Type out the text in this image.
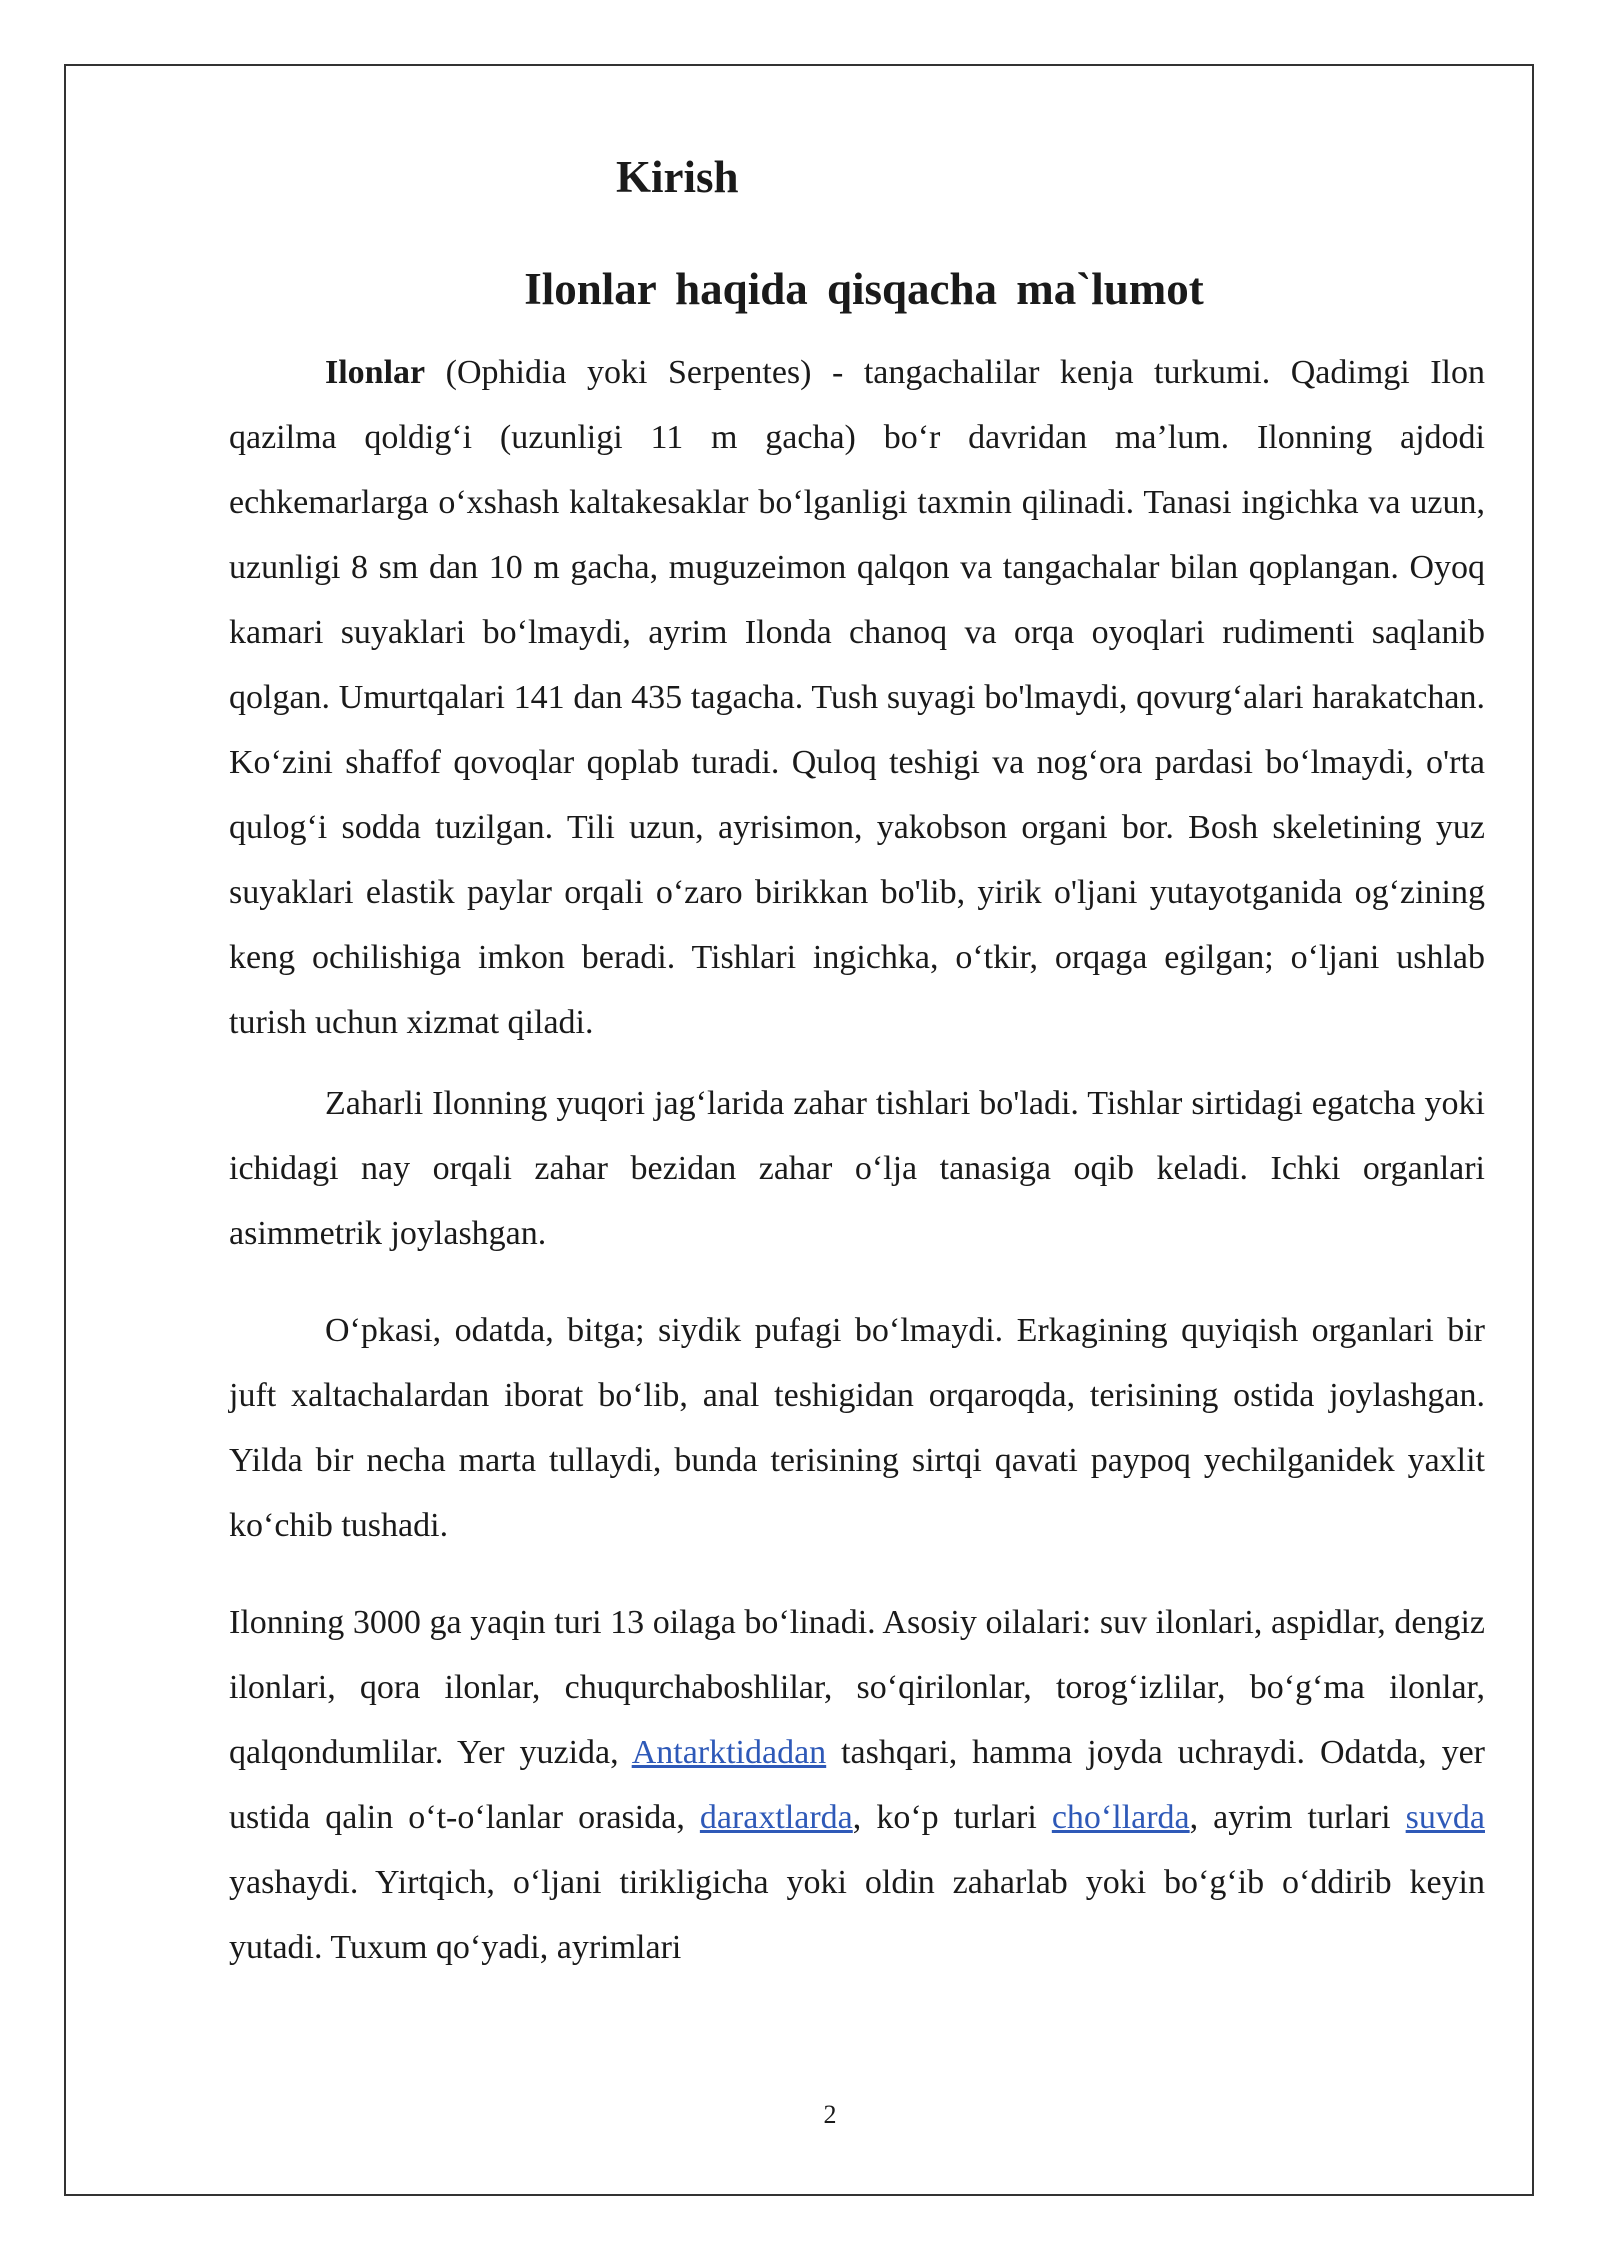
Kirish
Ilonlar haqida qisqacha ma`lumot

Ilonlar (Ophidia yoki Serpentes) - tangachalilar kenja turkumi. Qadimgi Ilon qazilma qoldig‘i (uzunligi 11 m gacha) bo‘r davridan ma’lum. Ilonning ajdodi echkemarlarga o‘xshash kaltakesaklar bo‘lganligi taxmin qilinadi. Tanasi ingichka va uzun, uzunligi 8 sm dan 10 m gacha, muguzeimon qalqon va tangachalar bilan qoplangan. Oyoq kamari suyaklari bo‘lmaydi, ayrim Ilonda chanoq va orqa oyoqlari rudimenti saqlanib qolgan. Umurtqalari 141 dan 435 tagacha. Tush suyagi bo'lmaydi, qovurg‘alari harakatchan. Ko‘zini shaffof qovoqlar qoplab turadi. Quloq teshigi va nog‘ora pardasi bo‘lmaydi, o'rta qulog‘i sodda tuzilgan. Tili uzun, ayrisimon, yakobson organi bor. Bosh skeletining yuz suyaklari elastik paylar orqali o‘zaro birikkan bo'lib, yirik o'ljani yutayotganida og‘zining keng ochilishiga imkon beradi. Tishlari ingichka, o‘tkir, orqaga egilgan; o‘ljani ushlab turish uchun xizmat qiladi.

Zaharli Ilonning yuqori jag‘larida zahar tishlari bo'ladi. Tishlar sirtidagi egatcha yoki ichidagi nay orqali zahar bezidan zahar o‘lja tanasiga oqib keladi. Ichki organlari asimmetrik joylashgan.

O‘pkasi, odatda, bitga; siydik pufagi bo‘lmaydi. Erkagining quyiqish organlari bir juft xaltachalardan iborat bo‘lib, anal teshigidan orqaroqda, terisining ostida joylashgan. Yilda bir necha marta tullaydi, bunda terisining sirtqi qavati paypoq yechilganidek yaxlit ko‘chib tushadi.

Ilonning 3000 ga yaqin turi 13 oilaga bo‘linadi. Asosiy oilalari: suv ilonlari, aspidlar, dengiz ilonlari, qora ilonlar, chuqurchaboshlilar, so‘qirilonlar, torog‘izlilar, bo‘g‘ma ilonlar, qalqondumlilar. Yer yuzida, Antarktidadan tashqari, hamma joyda uchraydi. Odatda, yer ustida qalin o‘t-o‘lanlar orasida, daraxtlarda, ko‘p turlari cho‘llarda, ayrim turlari suvda yashaydi. Yirtqich, o‘ljani tirikligicha yoki oldin zaharlab yoki bo‘g‘ib o‘ddirib keyin yutadi. Tuxum qo‘yadi, ayrimlari

2
